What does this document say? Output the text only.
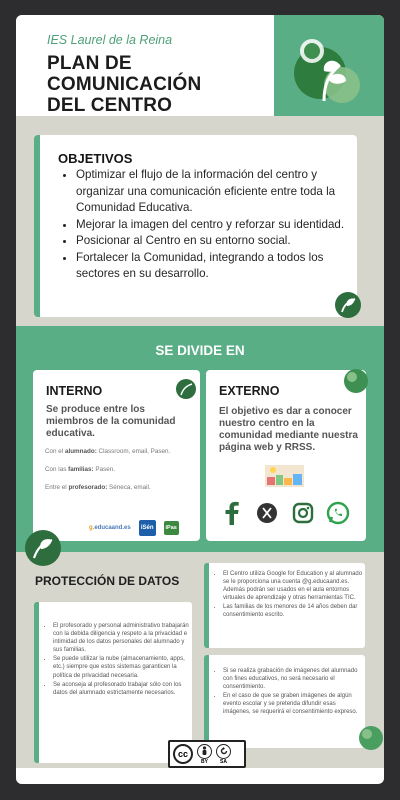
IES Laurel de la Reina
PLAN DE COMUNICACIÓN
DEL CENTRO
OBJETIVOS
• Optimizar el flujo de la información del centro y organizar una comunicación eficiente entre toda la Comunidad Educativa.
• Mejorar la imagen del centro y reforzar su identidad.
• Posicionar al Centro en su entorno social.
• Fortalecer la Comunidad, integrando a todos los sectores en su desarrollo.
SE DIVIDE EN
INTERNO
Se produce entre los miembros de la comunidad educativa.
Con el alumnado: Classroom, email, Pasen.
Con las familias: Pasen.
Entre el profesorado: Séneca, email.
g.educaand.es	iSén	iPas
EXTERNO
El objetivo es dar a conocer nuestro centro en la comunidad mediante nuestra página web y RRSS.
PROTECCIÓN DE DATOS
• El profesorado y personal administrativo trabajarán con la debida diligencia y respeto a la privacidad e intimidad de los datos personales del alumnado y sus familias.
• Se puede utilizar la nube (almacenamiento, apps, etc.) siempre que estos sistemas garanticen la política de privacidad necesaria.
• Se aconseja al profesorado trabajar sólo con los datos del alumnado estrictamente necesarios.
• El Centro utiliza Google for Education y al alumnado se le proporciona una cuenta @g.educaand.es. Además podrán ser usados en el aula entornos virtuales de aprendizaje y otras herramientas TIC.
• Las familias de los menores de 14 años deben dar consentimiento escrito.
• Si se realiza grabación de imágenes del alumnado con fines educativos, no será necesario el consentimiento.
• En el caso de que se graben imágenes de algún evento escolar y se pretenda difundir esas imágenes, se requerirá el consentimiento expreso.
cc
BY SA
